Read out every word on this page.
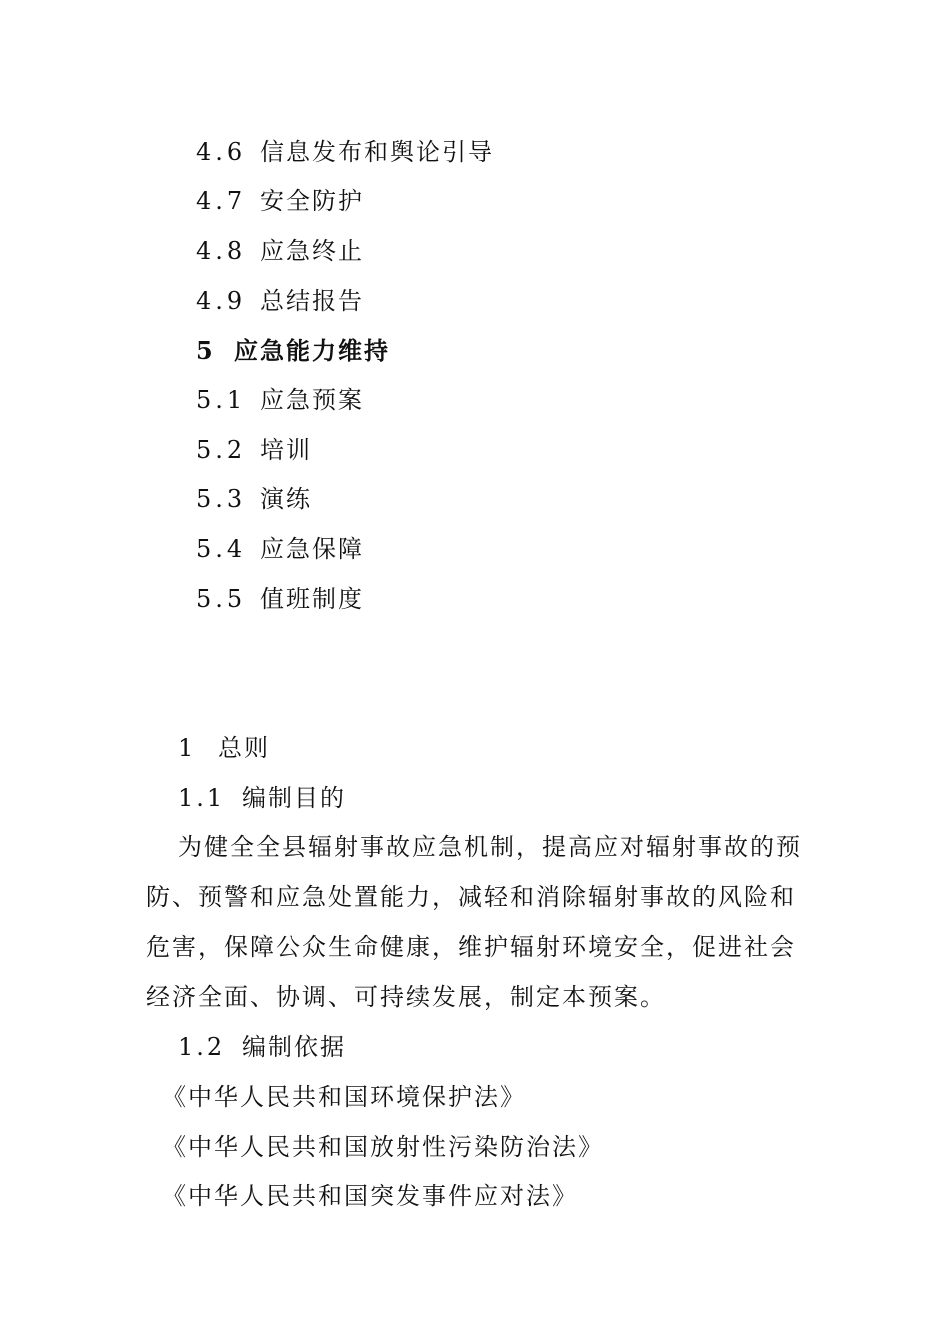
4.6 信息发布和舆论引导
4.7 安全防护
4.8 应急终止
4.9 总结报告
5 应急能力维持
5.1 应急预案
5.2 培训
5.3 演练
5.4 应急保障
5.5 值班制度
1 总则
1.1 编制目的
为健全全县辐射事故应急机制，提高应对辐射事故的预防、预警和应急处置能力，减轻和消除辐射事故的风险和危害，保障公众生命健康，维护辐射环境安全，促进社会经济全面、协调、可持续发展，制定本预案。
1.2 编制依据
《中华人民共和国环境保护法》
《中华人民共和国放射性污染防治法》
《中华人民共和国突发事件应对法》
